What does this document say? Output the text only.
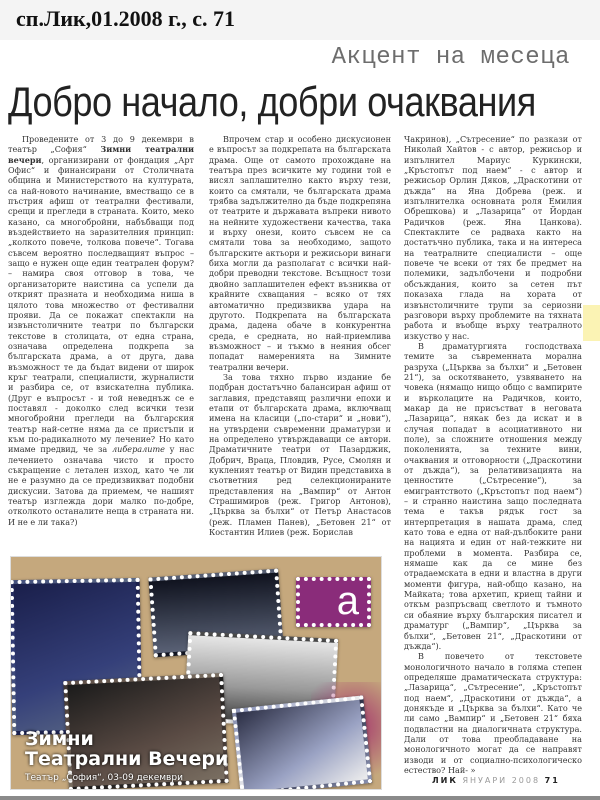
сп.Лик,01.2008 г., с. 71
Акцент на месеца
Добро начало, добри очаквания

Проведените от 3 до 9 декември в театър „София“ Зимни театрални вечери, организирани от фондация „Арт Офис“ и финансирани от Столичната община и Министерството на културата, са най-новото начинание, вместващо се в пъстрия афиш от театрални фестивали, срещи и прегледи в страната. Които, меко казано, са многобройни, набъбващи под въздействието на заразителния принцип: „колкото повече, толкова повече“. Тогава съвсем вероятно последващият въпрос – защо е нужен още един театрален форум? – намира своя отговор в това, че организаторите наистина са успели да открият празната и необходима ниша в цялото това множество от фестивални прояви. Да се покажат спектакли на извънстоличните театри по български текстове в столицата, от една страна, означава определена подкрепа за българската драма, а от друга, дава възможност те да бъдат видени от широк кръг театрали, специалисти, журналисти и разбира се, от взискателна публика. (Друг е въпросът - и той неведнъж се е поставял - доколко след всички тези многобройни прегледи на българския театър най-сетне няма да се пристъпи и към по-радикалното му лечение? Но като имаме предвид, че за либералите у нас лечението означава чисто и просто съкращение с летален изход, като че ли не е разумно да се предизвикват подобни дискусии. Затова да приемем, че нашият театър изглежда дори малко по-добре, отколкото останалите неща в страната ни. И не е ли така?)

Впрочем стар и особено дискусионен е въпросът за подкрепата на българската драма. Още от самото прохождане на театъра през всичките му години той е висял заплашително както върху тези, които са смятали, че българската драма трябва задължително да бъде подкрепяна от театрите и държавата въпреки нивото на нейните художествени качества, така и върху онези, които съвсем не са смятали това за необходимо, защото българските актьори и режисьори винаги биха могли да разполагат с всички най-добри преводни текстове. Всъщност този двойно заплашителен ефект възниква от крайните схващания – всяко от тях автоматично предизвиква удара на другото. Подкрепата на българската драма, дадена обаче в конкурентна среда, е средната, но най-приемлива възможност – и тъкмо в неяния обсег попадат намеренията на Зимните театрални вечери.

За това тяхно първо издание бе подбран достатъчно балансиран афиш от заглавия, представящ различни епохи и етапи от българската драма, включващ имена на класици („по-стари“ и „нови“), на утвърдени съвременни драматурзи и на определено утвърждаващи се автори. Драматичните театри от Пазарджик, Добрич, Враца, Пловдив, Русе, Смолян и кукленият театър от Видин представиха в съответния ред селекционираните представления на „Вампир“ от Антон Страшимиров (реж. Григор Антонов), „Църква за бълхи“ от Петър Анастасов (реж. Пламен Панев), „Бетовен 21“ от Костантин Илиев (реж. Борислав

Чакринов), „Сътресение“ по разкази от Николай Хайтов - с автор, режисьор и изпълнител Мариус Куркински, „Кръстопът под наем“ - с автор и режисьор Орлин Дяков, „Драскотини от дъжда“ на Яна Добрева (реж. и изпълнителка основната роля Емилия Обрешкова) и „Лазарица“ от Йордан Радичков (реж. Яна Цанкова). Спектаклите се радваха както на достатъчно публика, така и на интереса на театралните специалисти – още повече че всеки от тях бе предмет на полемики, задълбочени и подробни обсъждания, които за сетен път показаха глада на хората от извънстоличните трупи за сериозни разговори върху проблемите на тяхната работа и въобще върху театралното изкуство у нас.

В драматургията господстваха темите за съвременната морална разруха („Църква за бълхи“ и „Бетовен 21“), за оскотяването, узвяването на човека (нямащо нищо общо с вампирите и върколаците на Радичков, които, макар да не присъстват в неговата „Лазарица“, някак без да искат и в случая попадат в асоциативното ни поле), за сложните отношения между поколенията, за техните вини, очаквания и отговорности („Драскотини от дъжда“), за релативизацията на ценностите („Сътресение“), за емигрантството („Кръстопът под наем“) – и странно наистина защо последната тема е такъв рядък гост за интерпретация в нашата драма, след като това е една от най-дълбоките рани на нацията и един от най-тежките ни проблеми в момента. Разбира се, нямаше как да се мине без отрадаемската в едни и властна в други моменти фигура, най-общо казано, на Майката; това архетип, криещ тайни и откъм разпръсващ светлото и тъмното си обаяние върху българския писател и драматург („Вампир“, „Църква за бълхи“, „Бетовен 21“, „Драскотини от дъжда“).

В повечето от текстовете монологичното начало в голяма степен определяше драматическата структура: „Лазарица“, „Сътресение“, „Кръстопът под наем“, „Драскотини от дъжда“, а донякъде и „Църква за бълхи“. Като че ли само „Вампир“ и „Бетовен 21“ бяха подвластни на диалогичната структура. Дали от това преобладаване на монологичното могат да се направят изводи и от социално-психологическо естество? Най- »

a
Зимни
Театрални Вечери
Театър „София“, 03-09 декември	ЛИК ЯНУАРИ 2008 71
